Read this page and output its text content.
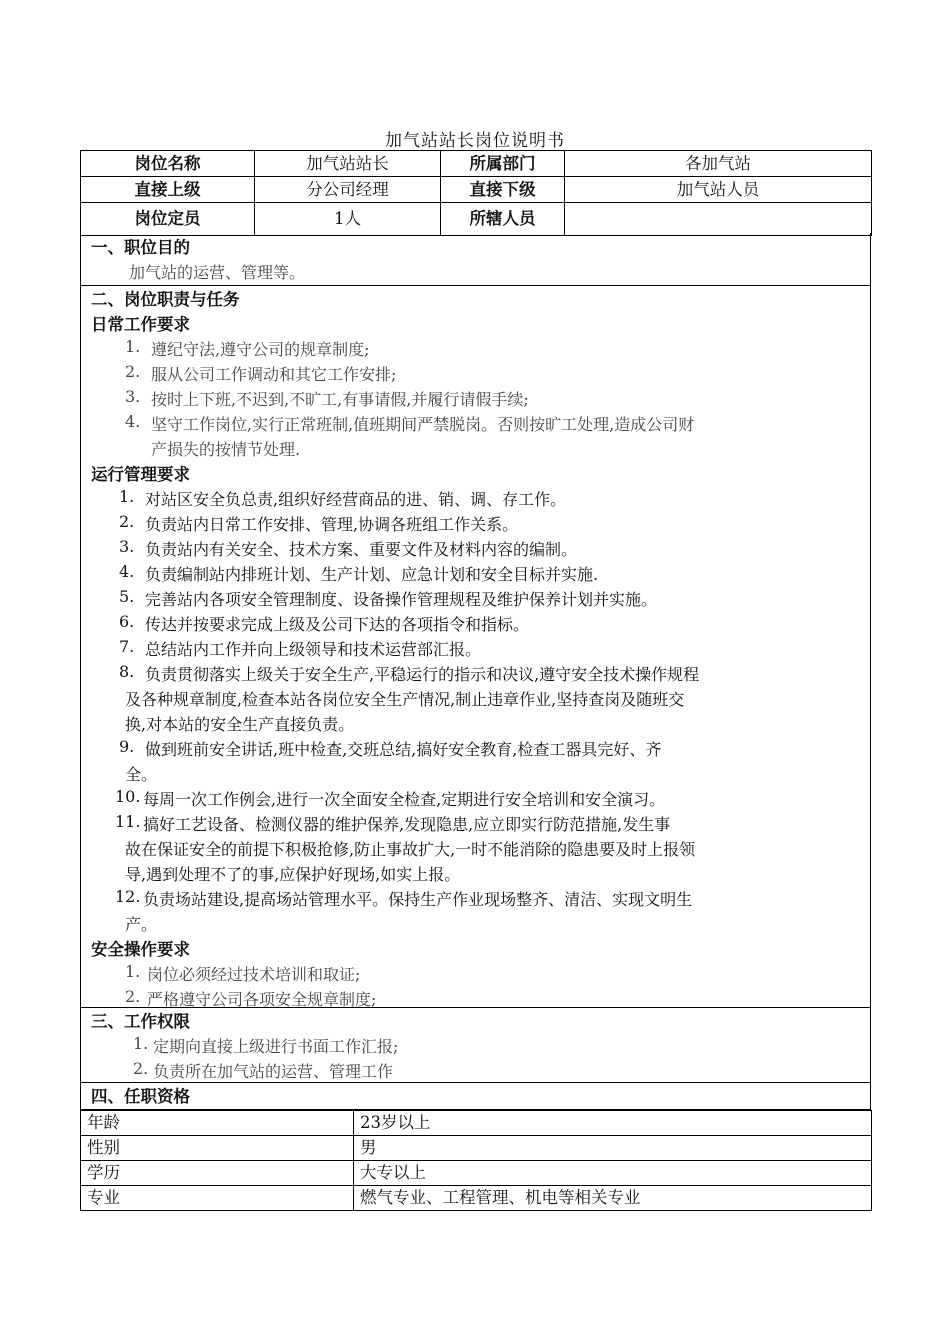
加气站站长岗位说明书
岗位名称	加气站站长	所属部门	各加气站
直接上级	分公司经理	直接下级	加气站人员
岗位定员	1人	所辖人员	
一、职位目的
加气站的运营、管理等。
二、岗位职责与任务
日常工作要求
1. 遵纪守法,遵守公司的规章制度;
2. 服从公司工作调动和其它工作安排;
3. 按时上下班,不迟到,不旷工,有事请假,并履行请假手续;
4. 坚守工作岗位,实行正常班制,值班期间严禁脱岗。否则按旷工处理,造成公司财
产损失的按情节处理.
运行管理要求
1. 对站区安全负总责,组织好经营商品的进、销、调、存工作。
2. 负责站内日常工作安排、管理,协调各班组工作关系。
3. 负责站内有关安全、技术方案、重要文件及材料内容的编制。
4. 负责编制站内排班计划、生产计划、应急计划和安全目标并实施.
5. 完善站内各项安全管理制度、设备操作管理规程及维护保养计划并实施。
6. 传达并按要求完成上级及公司下达的各项指令和指标。
7. 总结站内工作并向上级领导和技术运营部汇报。
8. 负责贯彻落实上级关于安全生产,平稳运行的指示和决议,遵守安全技术操作规程
及各种规章制度,检查本站各岗位安全生产情况,制止违章作业,坚持查岗及随班交
换,对本站的安全生产直接负责。
9. 做到班前安全讲话,班中检查,交班总结,搞好安全教育,检查工器具完好、齐
全。
10. 每周一次工作例会,进行一次全面安全检查,定期进行安全培训和安全演习。
11. 搞好工艺设备、检测仪器的维护保养,发现隐患,应立即实行防范措施,发生事
故在保证安全的前提下积极抢修,防止事故扩大,一时不能消除的隐患要及时上报领
导,遇到处理不了的事,应保护好现场,如实上报。
12. 负责场站建设,提高场站管理水平。保持生产作业现场整齐、清洁、实现文明生
产。
安全操作要求
1. 岗位必须经过技术培训和取证;
2. 严格遵守公司各项安全规章制度;
三、工作权限
1. 定期向直接上级进行书面工作汇报;
2. 负责所在加气站的运营、管理工作
四、任职资格
年龄	23岁以上
性别	男
学历	大专以上
专业	燃气专业、工程管理、机电等相关专业
